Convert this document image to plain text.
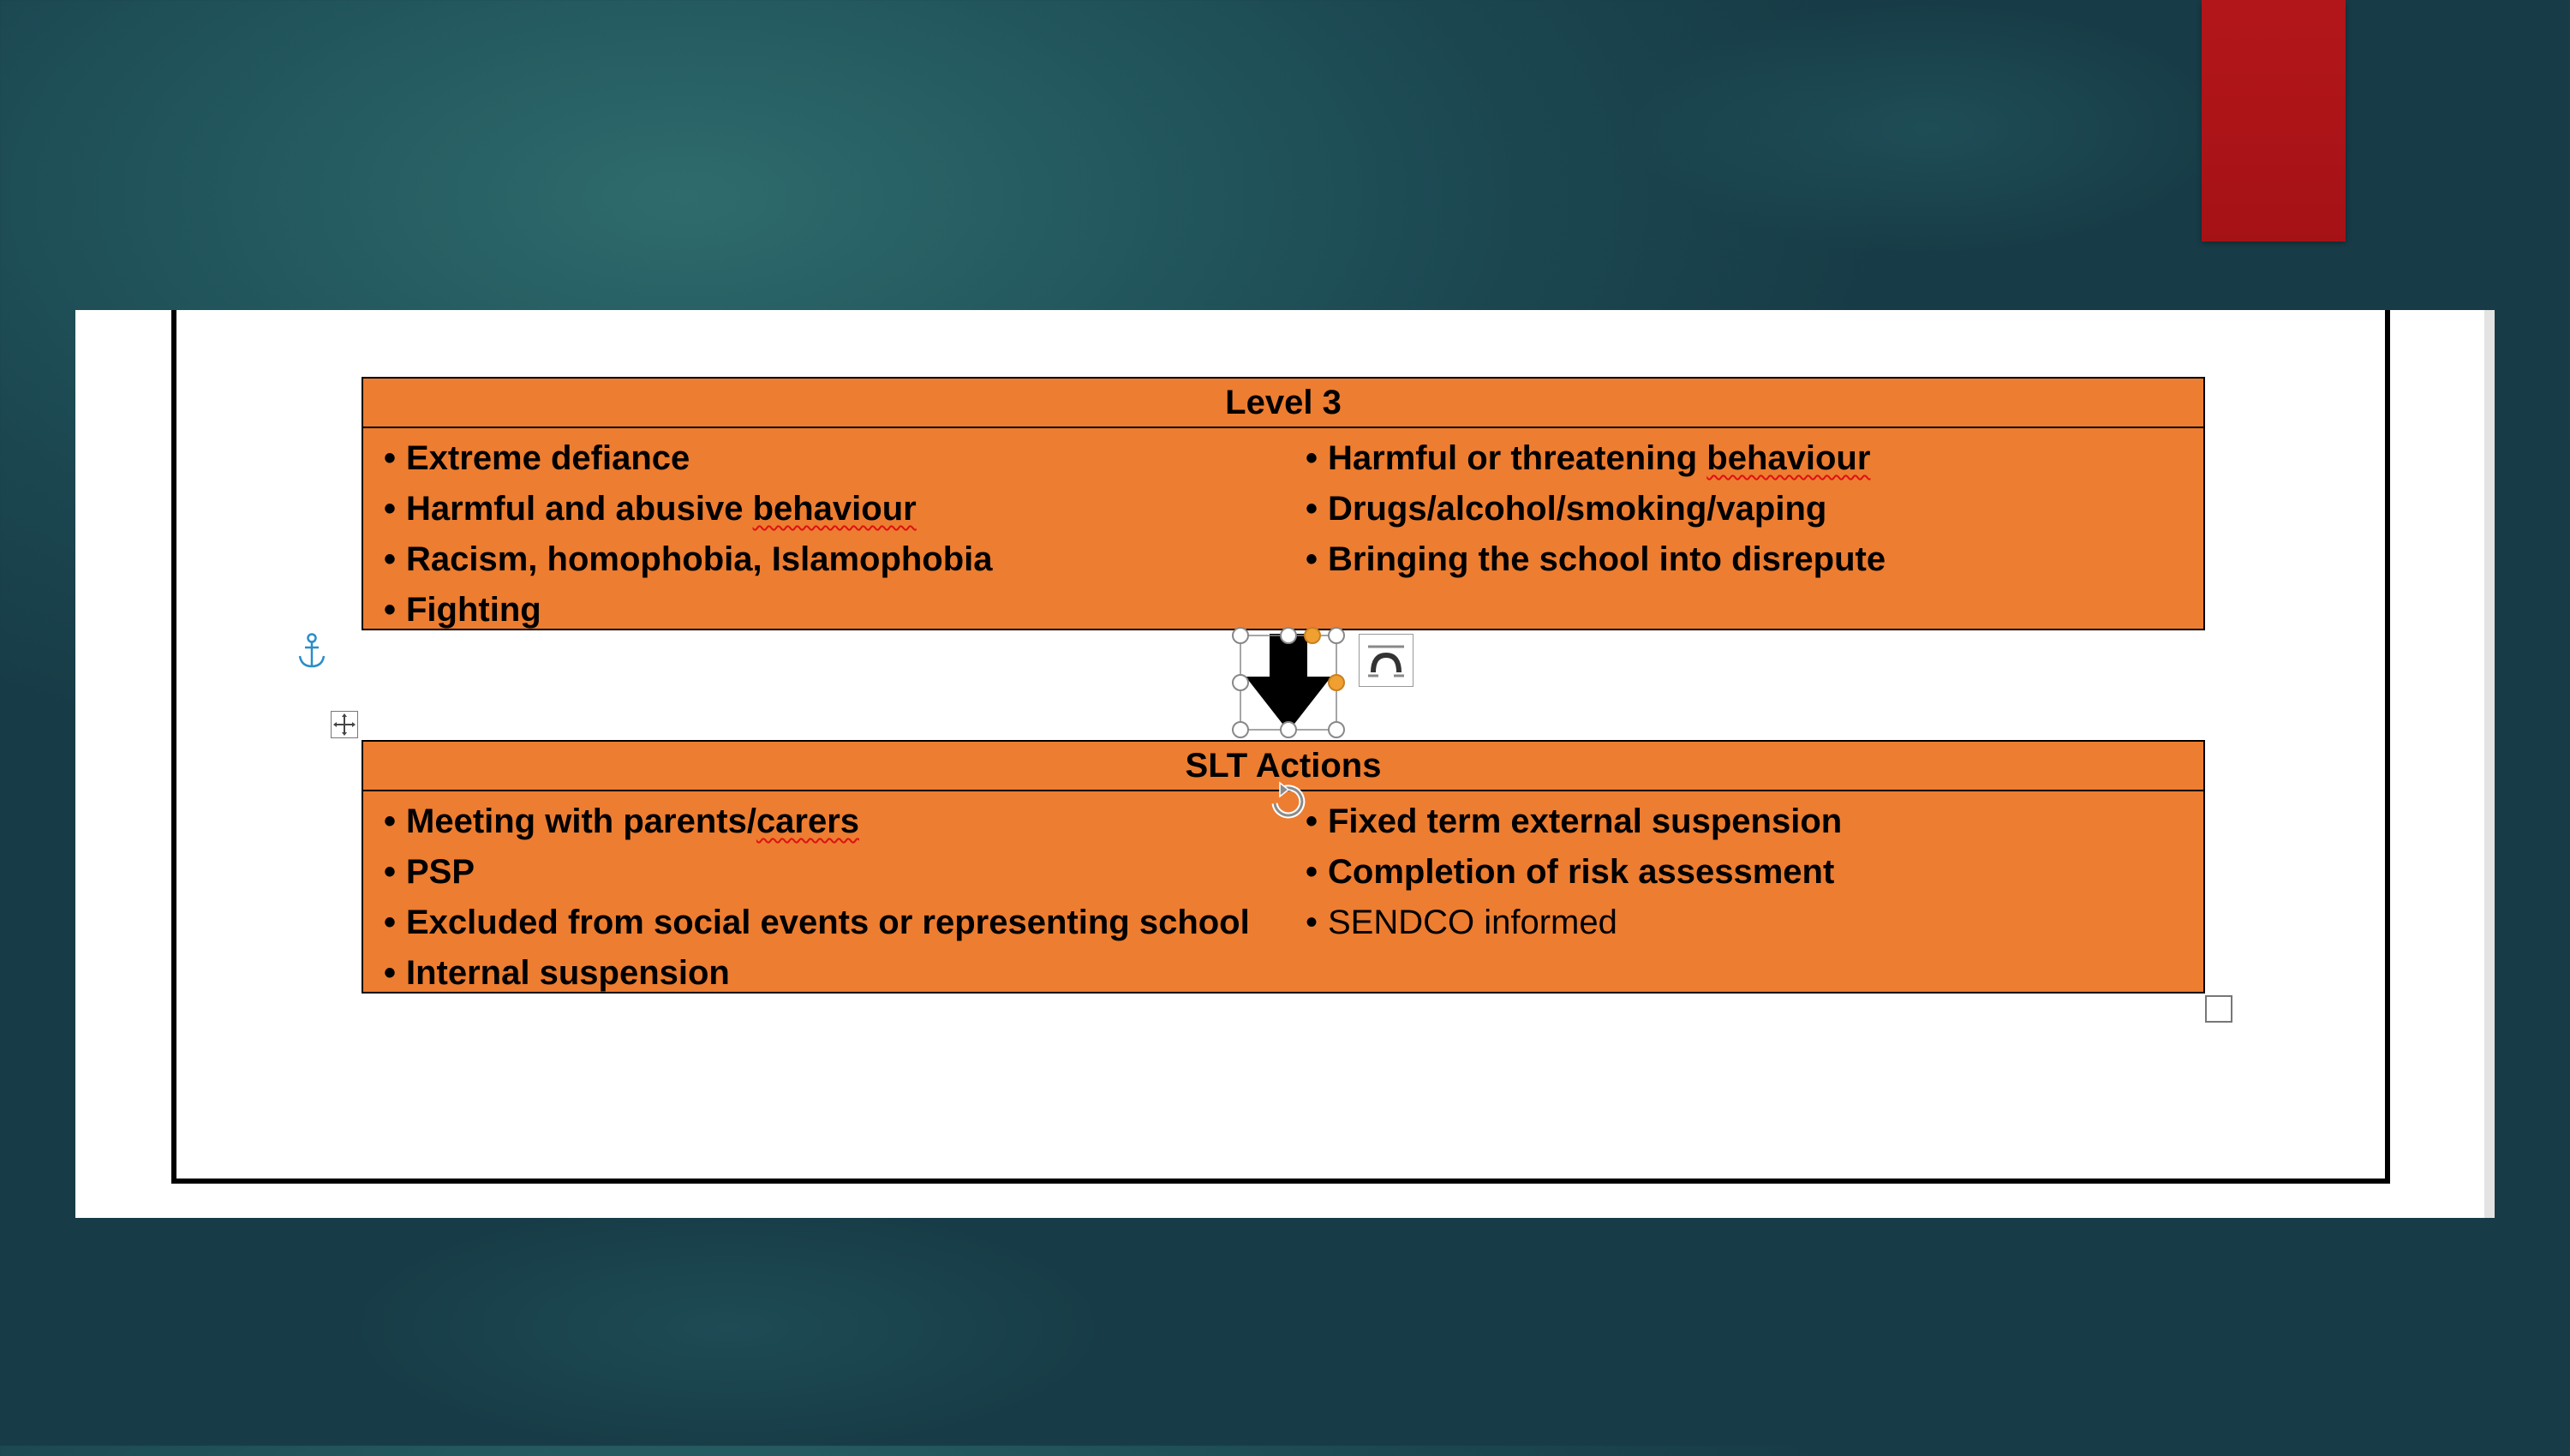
Level 3
• Extreme defiance
• Harmful and abusive behaviour
• Racism, homophobia, Islamophobia
• Fighting
• Harmful or threatening behaviour
• Drugs/alcohol/smoking/vaping
• Bringing the school into disrepute
SLT Actions
• Meeting with parents/carers
• PSP
• Excluded from social events or representing school
• Internal suspension
• Fixed term external suspension
• Completion of risk assessment
• SENDCO informed
